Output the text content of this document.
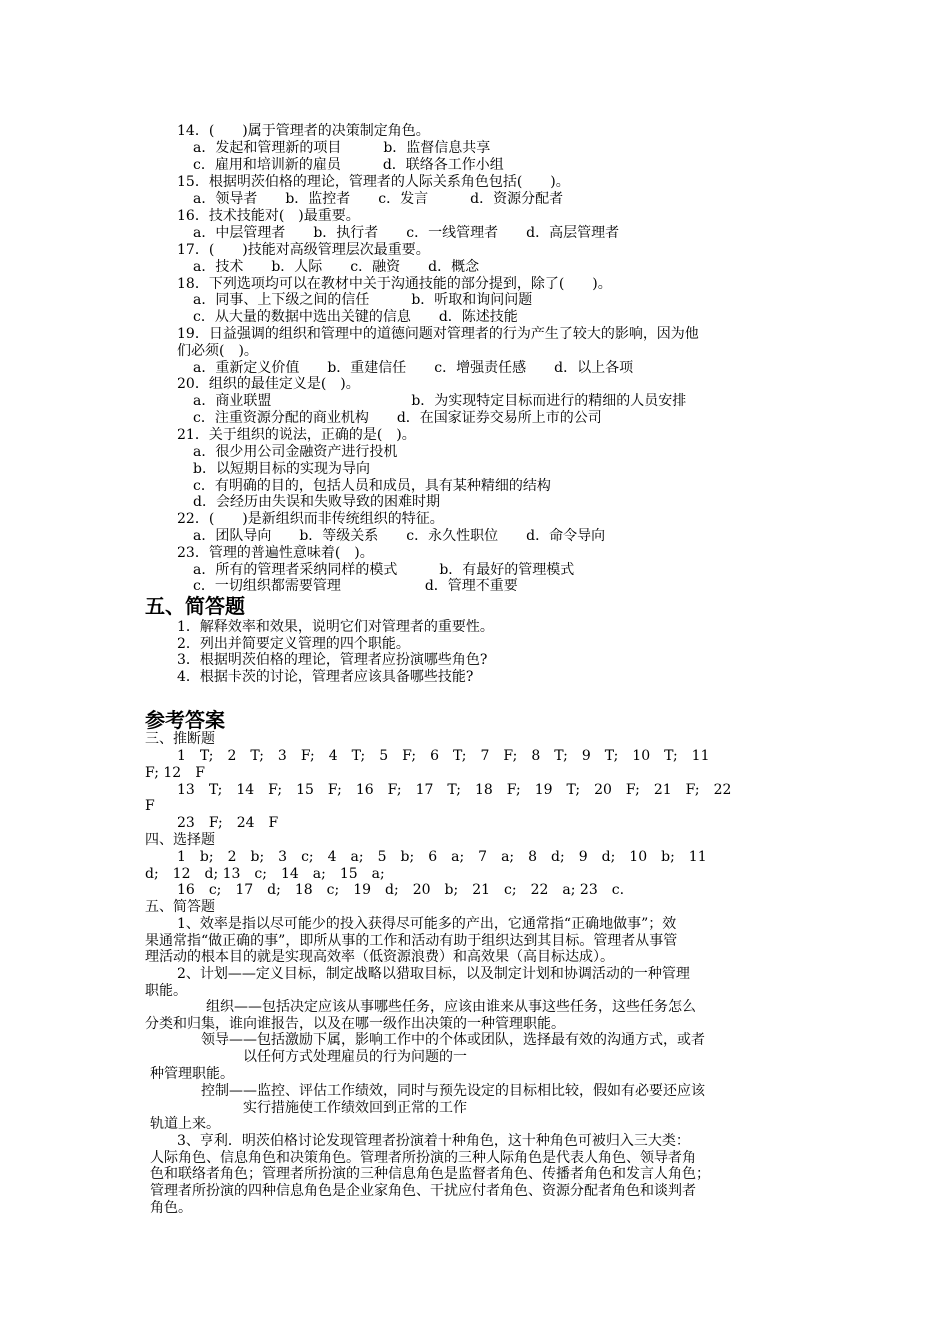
14．(　　)属于管理者的决策制定角色。
a．发起和管理新的项目　　　b．监督信息共享
c．雇用和培训新的雇员　　　d．联络各工作小组
15．根据明茨伯格的理论，管理者的人际关系角色包括(　　)。
a．领导者　　b．监控者　　c．发言　　　d．资源分配者
16．技术技能对(　)最重要。
a．中层管理者　　b．执行者　　c．一线管理者　　d．高层管理者
17．(　　)技能对高级管理层次最重要。
a．技术　　b．人际　　c．融资　　d．概念
18．下列选项均可以在教材中关于沟通技能的部分提到，除了(　　)。
a．同事、上下级之间的信任　　　b．听取和询问问题
c．从大量的数据中选出关键的信息　　d．陈述技能
19．日益强调的组织和管理中的道德问题对管理者的行为产生了较大的影响，因为他
们必须(　)。
a．重新定义价值　　b．重建信任　　c．增强责任感　　d．以上各项
20．组织的最佳定义是(　)。
a．商业联盟　　　　　　　　　　b．为实现特定目标而进行的精细的人员安排
c．注重资源分配的商业机构　　d．在国家证券交易所上市的公司
21．关于组织的说法，正确的是(　)。
a．很少用公司金融资产进行投机
b．以短期目标的实现为导向
c．有明确的目的，包括人员和成员，具有某种精细的结构
d．会经历由失误和失败导致的困难时期
22．(　　)是新组织而非传统组织的特征。
a．团队导向　　b．等级关系　　c．永久性职位　　d．命令导向
23．管理的普遍性意味着(　)。
a．所有的管理者采纳同样的模式　　　b．有最好的管理模式
c．一切组织都需要管理　　　　　　d．管理不重要
五、简答题
1．解释效率和效果，说明它们对管理者的重要性。
2．列出并简要定义管理的四个职能。
3．根据明茨伯格的理论，管理者应扮演哪些角色?
4．根据卡茨的讨论，管理者应该具备哪些技能?
参考答案
三、推断题
1　T;　2　T;　3　F;　4　T;　5　F;　6　T;　7　F;　8　T;　9　T;　10　T;　11
F; 12　F
13　T;　14　F;　15　F;　16　F;　17　T;　18　F;　19　T;　20　F;　21　F;　22
F
23　F;　24　F
四、选择题
1　b;　2　b;　3　c;　4　a;　5　b;　6　a;　7　a;　8　d;　9　d;　10　b;　11
d;　12　d; 13　c;　14　a;　15　a;
16　c;　17　d;　18　c;　19　d;　20　b;　21　c;　22　a; 23　c.
五、简答题
1、效率是指以尽可能少的投入获得尽可能多的产出，它通常指“正确地做事”；效
果通常指“做正确的事”，即所从事的工作和活动有助于组织达到其目标。管理者从事管
理活动的根本目的就是实现高效率（低资源浪费）和高效果（高目标达成）。
2、计划——定义目标，制定战略以猎取目标，以及制定计划和协调活动的一种管理
职能。
组织——包括决定应该从事哪些任务，应该由谁来从事这些任务，这些任务怎么
分类和归集，谁向谁报告，以及在哪一级作出决策的一种管理职能。
领导——包括激励下属，影响工作中的个体或团队，选择最有效的沟通方式，或者
以任何方式处理雇员的行为问题的一
种管理职能。
控制——监控、评估工作绩效，同时与预先设定的目标相比较，假如有必要还应该
实行措施使工作绩效回到正常的工作
轨道上来。
3、亨利．明茨伯格讨论发现管理者扮演着十种角色，这十种角色可被归入三大类：
人际角色、信息角色和决策角色。管理者所扮演的三种人际角色是代表人角色、领导者角
色和联络者角色；管理者所扮演的三种信息角色是监督者角色、传播者角色和发言人角色；
管理者所扮演的四种信息角色是企业家角色、干扰应付者角色、资源分配者角色和谈判者
角色。
